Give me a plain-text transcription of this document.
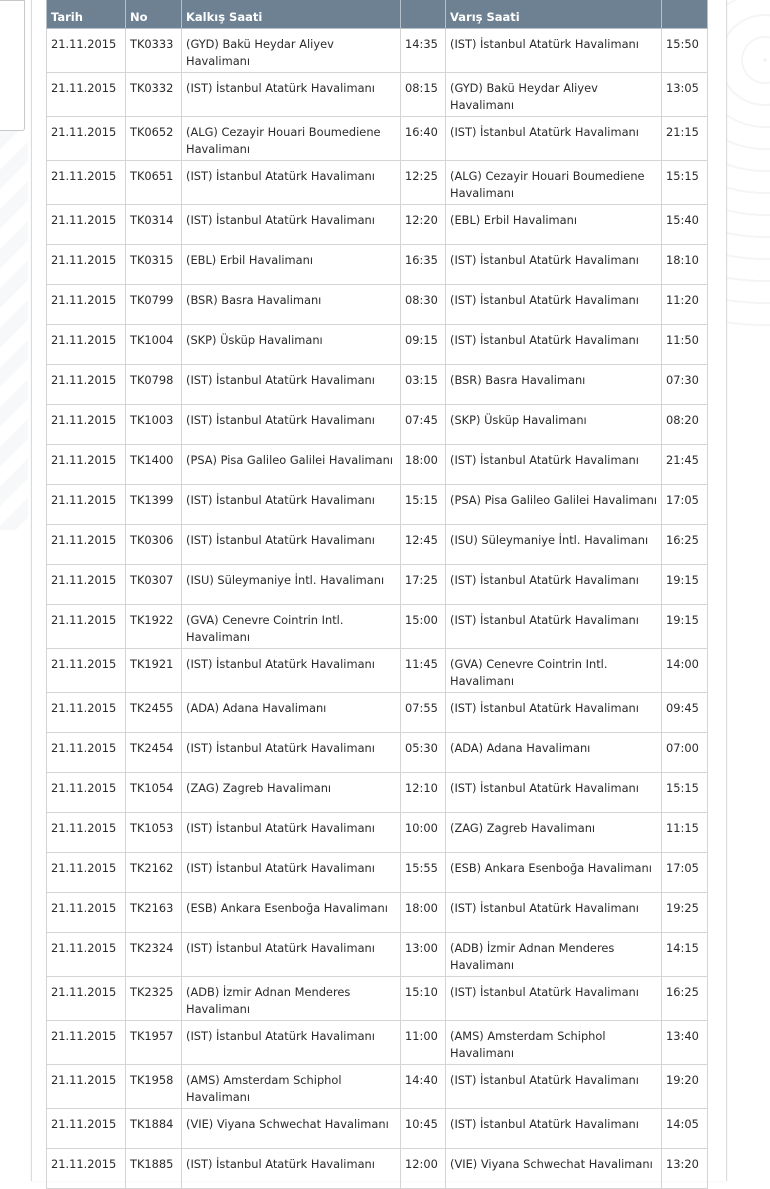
Tarih	No	Kalkış Saati		Varış Saati	
21.11.2015	TK0333	(GYD) Bakü Heydar Aliyev Havalimanı	14:35	(IST) İstanbul Atatürk Havalimanı	15:50
21.11.2015	TK0332	(IST) İstanbul Atatürk Havalimanı	08:15	(GYD) Bakü Heydar Aliyev Havalimanı	13:05
21.11.2015	TK0652	(ALG) Cezayir Houari Boumediene Havalimanı	16:40	(IST) İstanbul Atatürk Havalimanı	21:15
21.11.2015	TK0651	(IST) İstanbul Atatürk Havalimanı	12:25	(ALG) Cezayir Houari Boumediene Havalimanı	15:15
21.11.2015	TK0314	(IST) İstanbul Atatürk Havalimanı	12:20	(EBL) Erbil Havalimanı	15:40
21.11.2015	TK0315	(EBL) Erbil Havalimanı	16:35	(IST) İstanbul Atatürk Havalimanı	18:10
21.11.2015	TK0799	(BSR) Basra Havalimanı	08:30	(IST) İstanbul Atatürk Havalimanı	11:20
21.11.2015	TK1004	(SKP) Üsküp Havalimanı	09:15	(IST) İstanbul Atatürk Havalimanı	11:50
21.11.2015	TK0798	(IST) İstanbul Atatürk Havalimanı	03:15	(BSR) Basra Havalimanı	07:30
21.11.2015	TK1003	(IST) İstanbul Atatürk Havalimanı	07:45	(SKP) Üsküp Havalimanı	08:20
21.11.2015	TK1400	(PSA) Pisa Galileo Galilei Havalimanı	18:00	(IST) İstanbul Atatürk Havalimanı	21:45
21.11.2015	TK1399	(IST) İstanbul Atatürk Havalimanı	15:15	(PSA) Pisa Galileo Galilei Havalimanı	17:05
21.11.2015	TK0306	(IST) İstanbul Atatürk Havalimanı	12:45	(ISU) Süleymaniye İntl. Havalimanı	16:25
21.11.2015	TK0307	(ISU) Süleymaniye İntl. Havalimanı	17:25	(IST) İstanbul Atatürk Havalimanı	19:15
21.11.2015	TK1922	(GVA) Cenevre Cointrin Intl. Havalimanı	15:00	(IST) İstanbul Atatürk Havalimanı	19:15
21.11.2015	TK1921	(IST) İstanbul Atatürk Havalimanı	11:45	(GVA) Cenevre Cointrin Intl. Havalimanı	14:00
21.11.2015	TK2455	(ADA) Adana Havalimanı	07:55	(IST) İstanbul Atatürk Havalimanı	09:45
21.11.2015	TK2454	(IST) İstanbul Atatürk Havalimanı	05:30	(ADA) Adana Havalimanı	07:00
21.11.2015	TK1054	(ZAG) Zagreb Havalimanı	12:10	(IST) İstanbul Atatürk Havalimanı	15:15
21.11.2015	TK1053	(IST) İstanbul Atatürk Havalimanı	10:00	(ZAG) Zagreb Havalimanı	11:15
21.11.2015	TK2162	(IST) İstanbul Atatürk Havalimanı	15:55	(ESB) Ankara Esenboğa Havalimanı	17:05
21.11.2015	TK2163	(ESB) Ankara Esenboğa Havalimanı	18:00	(IST) İstanbul Atatürk Havalimanı	19:25
21.11.2015	TK2324	(IST) İstanbul Atatürk Havalimanı	13:00	(ADB) İzmir Adnan Menderes Havalimanı	14:15
21.11.2015	TK2325	(ADB) İzmir Adnan Menderes Havalimanı	15:10	(IST) İstanbul Atatürk Havalimanı	16:25
21.11.2015	TK1957	(IST) İstanbul Atatürk Havalimanı	11:00	(AMS) Amsterdam Schiphol Havalimanı	13:40
21.11.2015	TK1958	(AMS) Amsterdam Schiphol Havalimanı	14:40	(IST) İstanbul Atatürk Havalimanı	19:20
21.11.2015	TK1884	(VIE) Viyana Schwechat Havalimanı	10:45	(IST) İstanbul Atatürk Havalimanı	14:05
21.11.2015	TK1885	(IST) İstanbul Atatürk Havalimanı	12:00	(VIE) Viyana Schwechat Havalimanı	13:20
